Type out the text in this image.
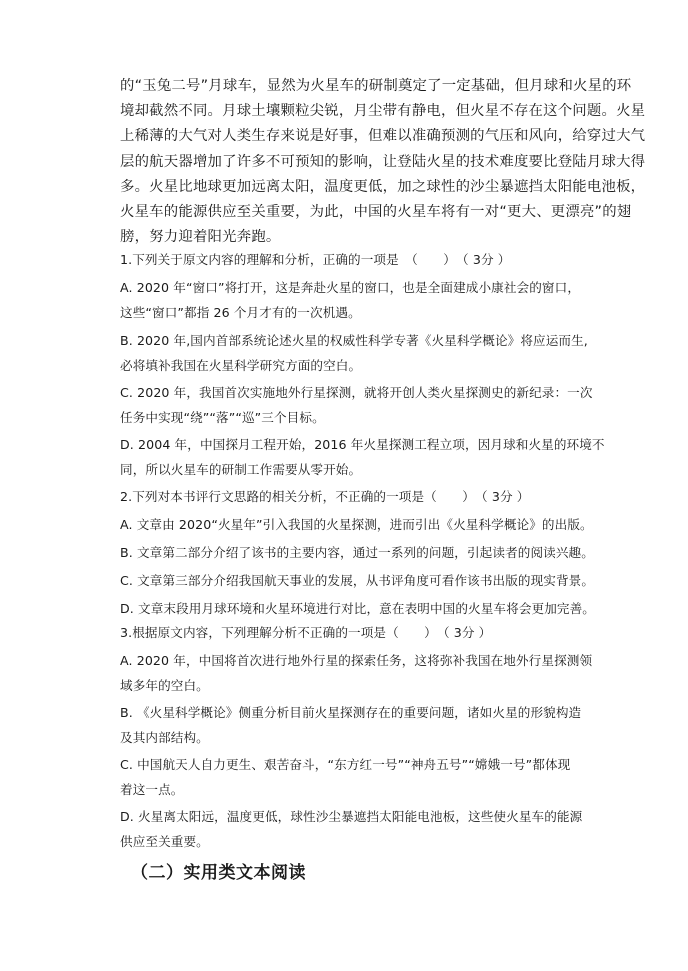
的“玉兔二号”月球车，显然为火星车的研制奠定了一定基础，但月球和火星的环

境却截然不同。月球土壤颗粒尖锐，月尘带有静电，但火星不存在这个问题。火星

上稀薄的大气对人类生存来说是好事，但难以准确预测的气压和风向，给穿过大气

层的航天器增加了许多不可预知的影响，让登陆火星的技术难度要比登陆月球大得

多。火星比地球更加远离太阳，温度更低，加之球性的沙尘暴遮挡太阳能电池板，

火星车的能源供应至关重要，为此，中国的火星车将有一对“更大、更漂亮”的翅

膀，努力迎着阳光奔跑。

1.下列关于原文内容的理解和分析，正确的一项是　（　　）　（ 3分 ）

A. 2020 年“窗口”将打开，这是奔赴火星的窗口，也是全面建成小康社会的窗口，

这些“窗口”都指 26 个月才有的一次机遇。

B. 2020 年,国内首部系统论述火星的权威性科学专著《火星科学概论》将应运而生,

必将填补我国在火星科学研究方面的空白。

C. 2020 年，我国首次实施地外行星探测，就将开创人类火星探测史的新纪录：一次

任务中实现“绕”“落”“巡”三个目标。

D. 2004 年，中国探月工程开始，2016 年火星探测工程立项，因月球和火星的环境不

同，所以火星车的研制工作需要从零开始。

2.下列对本书评行文思路的相关分析，不正确的一项是（　　）　（ 3分 ）

A. 文章由 2020“火星年”引入我国的火星探测，进而引出《火星科学概论》的出版。

B. 文章第二部分介绍了该书的主要内容，通过一系列的问题，引起读者的阅读兴趣。

C. 文章第三部分介绍我国航天事业的发展，从书评角度可看作该书出版的现实背景。

D. 文章末段用月球环境和火星环境进行对比，意在表明中国的火星车将会更加完善。

3.根据原文内容，下列理解分析不正确的一项是（　　）　（ 3分 ）

A. 2020 年，中国将首次进行地外行星的探索任务，这将弥补我国在地外行星探测领

域多年的空白。

B. 《火星科学概论》侧重分析目前火星探测存在的重要问题，诸如火星的形貌构造

及其内部结构。

C. 中国航天人自力更生、艰苦奋斗，“东方红一号”“神舟五号”“嫦娥一号”都体现

着这一点。

D. 火星离太阳远，温度更低，球性沙尘暴遮挡太阳能电池板，这些使火星车的能源

供应至关重要。

（二）实用类文本阅读
